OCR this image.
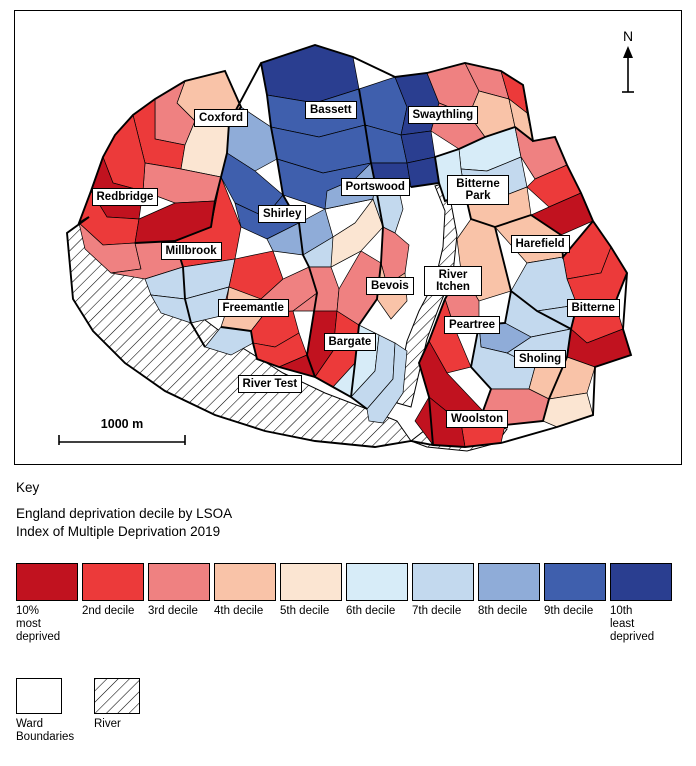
Coxford
Bassett	Swaythling
Redbridge
Shirley
Portswood	Bitterne Park
Millbrook
Harefield
Bevois
River Itchen
Freemantle
Peartree
Bitterne
Bargate
Sholing
River Test
Woolston
N
1000 m
Key
England deprivation decile by LSOA
Index of Multiple Deprivation 2019
10%
most
deprived
2nd decile	3rd decile	4th decile	5th decile	6th decile	7th decile	8th decile	9th decile	10th
least
deprived
Ward
Boundaries
River
